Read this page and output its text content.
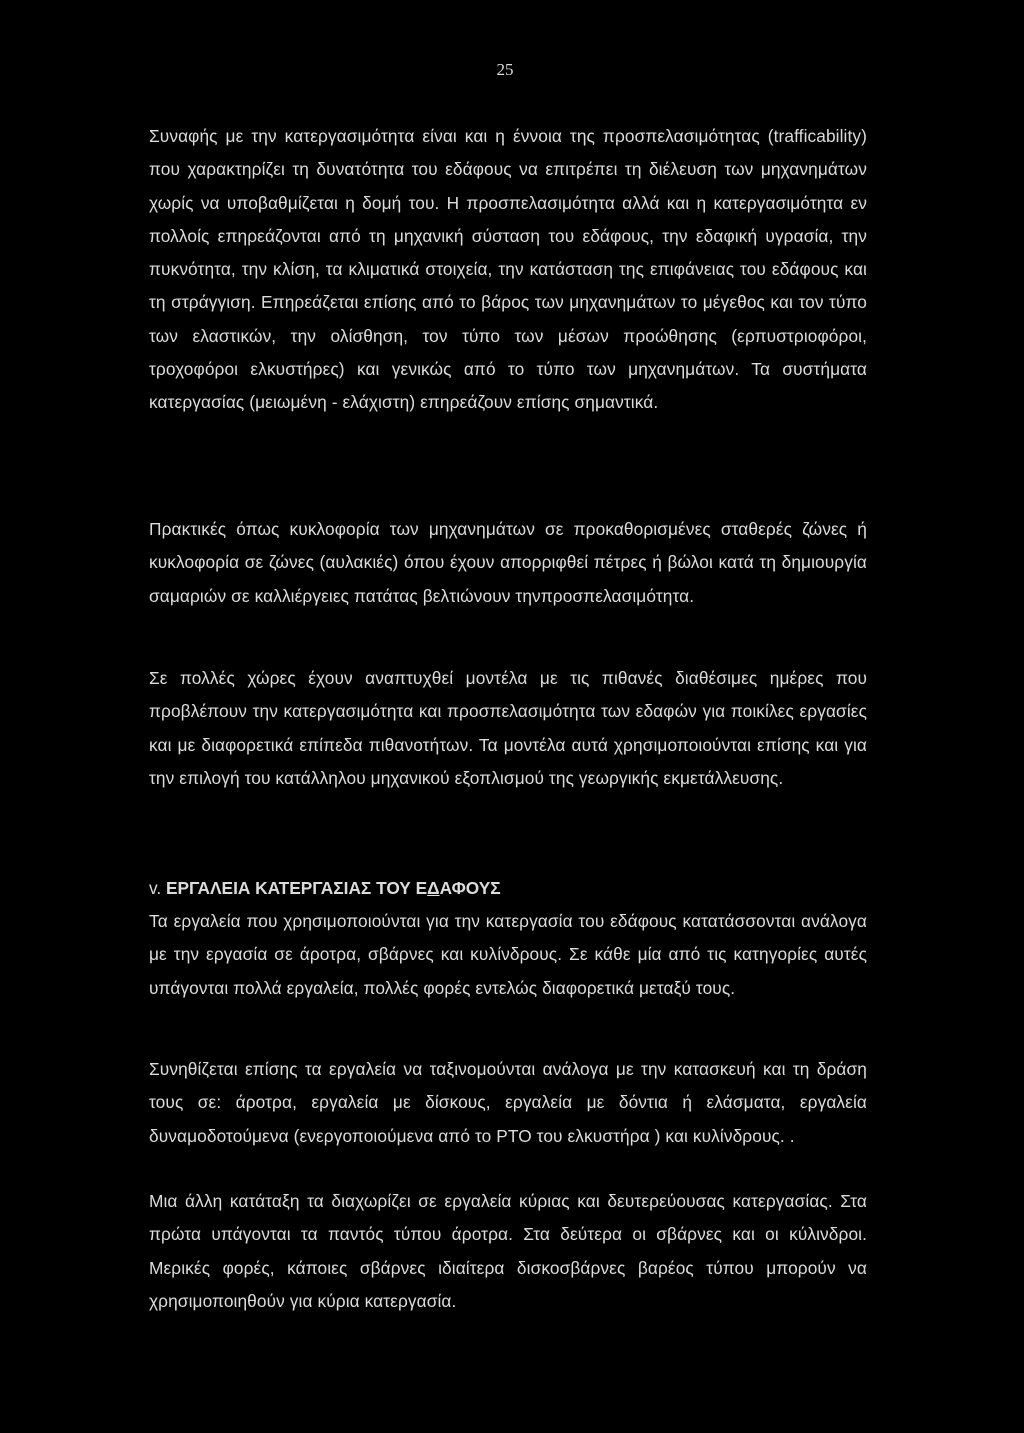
25

Συναφής με την κατεργασιμότητα είναι και η έννοια της προσπελασιμότητας (trafficability) που χαρακτηρίζει τη δυνατότητα του εδάφους να επιτρέπει τη διέλευση των μηχανημάτων χωρίς να υποβαθμίζεται η δομή του. Η προσπελασιμότητα αλλά και η κατεργασιμότητα εν πολλοίς επηρεάζονται από τη μηχανική σύσταση του εδάφους, την εδαφική υγρασία, την πυκνότητα, την κλίση, τα κλιματικά στοιχεία, την κατάσταση της επιφάνειας του εδάφους και τη στράγγιση. Επηρεάζεται επίσης από το βάρος των μηχανημάτων το μέγεθος και τον τύπο των ελαστικών, την ολίσθηση, τον τύπο των μέσων προώθησης (ερπυστριοφόροι, τροχοφόροι ελκυστήρες) και γενικώς από το τύπο των μηχανημάτων. Τα συστήματα κατεργασίας (μειωμένη - ελάχιστη) επηρεάζουν επίσης σημαντικά.

Πρακτικές όπως κυκλοφορία των μηχανημάτων σε προκαθορισμένες σταθερές ζώνες ή κυκλοφορία σε ζώνες (αυλακιές) όπου έχουν απορριφθεί πέτρες ή βώλοι κατά τη δημιουργία σαμαριών σε καλλιέργειες πατάτας βελτιώνουν τηνπροσπελασιμότητα.

Σε πολλές χώρες έχουν αναπτυχθεί μοντέλα με τις πιθανές διαθέσιμες ημέρες που προβλέπουν την κατεργασιμότητα και προσπελασιμότητα των εδαφών για ποικίλες εργασίες και με διαφορετικά επίπεδα πιθανοτήτων. Τα μοντέλα αυτά χρησιμοποιούνται επίσης και για την επιλογή του κατάλληλου μηχανικού εξοπλισμού της γεωργικής εκμετάλλευσης.

v. ΕΡΓΑΛΕΙΑ ΚΑΤΕΡΓΑΣΙΑΣ ΤΟΥ ΕΔΑΦΟΥΣ

Τα εργαλεία που χρησιμοποιούνται για την κατεργασία του εδάφους κατατάσσονται ανάλογα με την εργασία σε άροτρα, σβάρνες και κυλίνδρους. Σε κάθε μία από τις κατηγορίες αυτές υπάγονται πολλά εργαλεία, πολλές φορές εντελώς διαφορετικά μεταξύ τους.

Συνηθίζεται επίσης τα εργαλεία να ταξινομούνται ανάλογα με την κατασκευή και τη δράση τους σε: άροτρα, εργαλεία με δίσκους, εργαλεία με δόντια ή ελάσματα, εργαλεία δυναμοδοτούμενα (ενεργοποιούμενα από το PTO του ελκυστήρα ) και κυλίνδρους. .

Μια άλλη κατάταξη τα διαχωρίζει σε εργαλεία κύριας και δευτερεύουσας κατεργασίας. Στα πρώτα υπάγονται τα παντός τύπου άροτρα. Στα δεύτερα οι σβάρνες και οι κύλινδροι. Μερικές φορές, κάποιες σβάρνες ιδιαίτερα δισκοσβάρνες βαρέος τύπου μπορούν να χρησιμοποιηθούν για κύρια κατεργασία.
